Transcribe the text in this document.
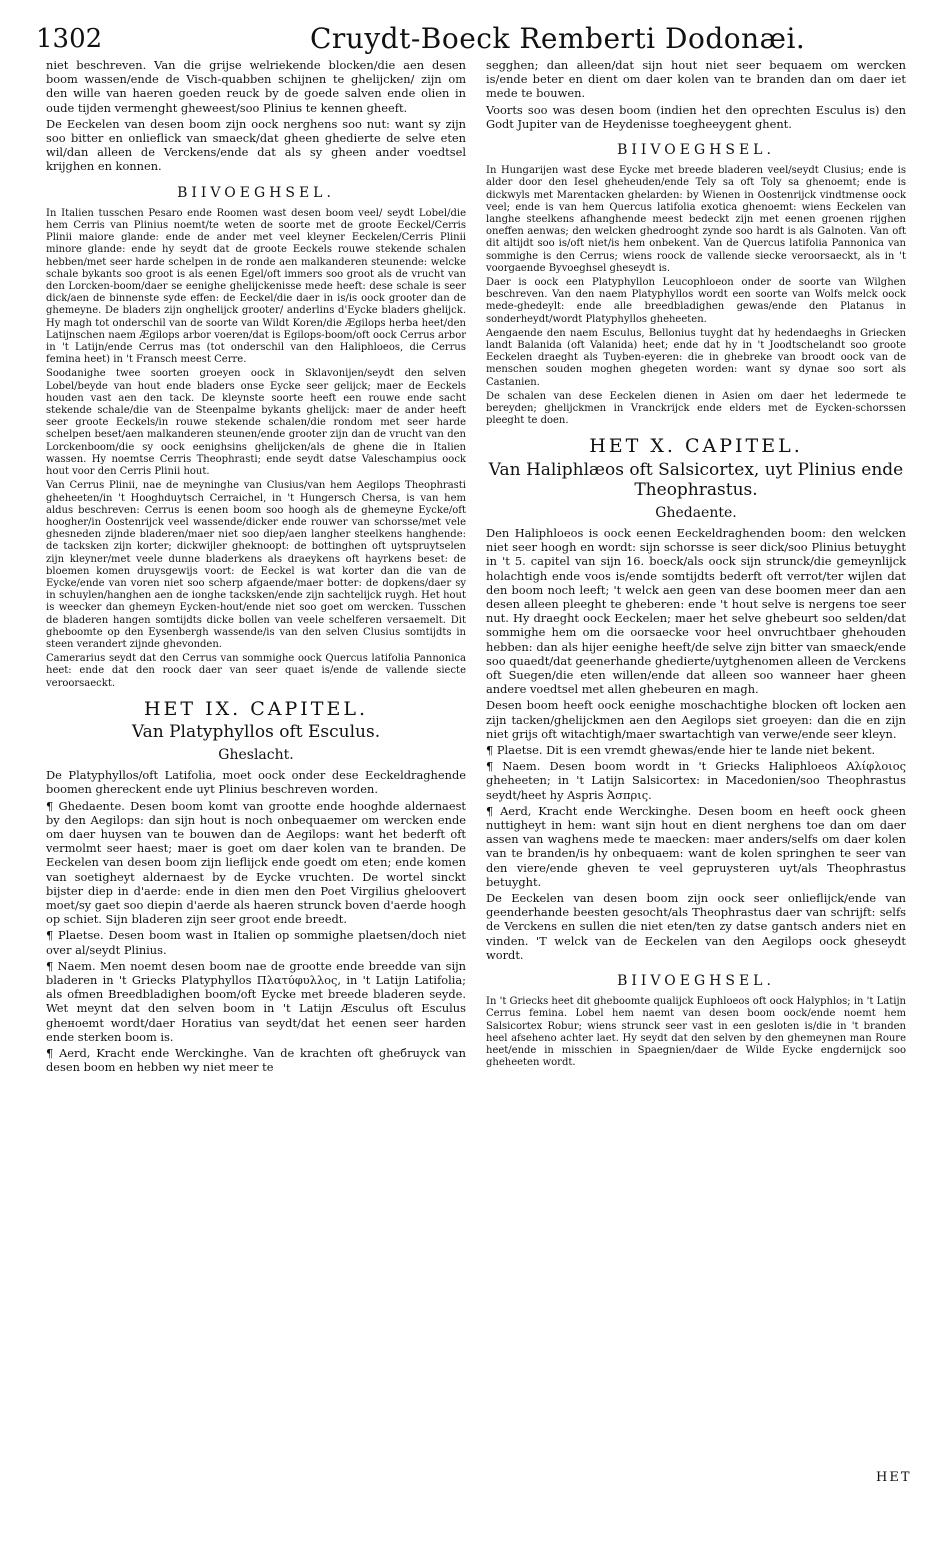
1302	Cruydt-Boeck Remberti Dodonæi.

niet beschreven. Van die grijse welriekende blocken/die aen desen boom wassen/ende de Visch-quabben schijnen te ghelijcken/ zijn om den wille van haeren goeden reuck by de goede salven ende olien in oude tijden vermenght gheweest/soo Plinius te kennen gheeft.

De Eeckelen van desen boom zijn oock nerghens soo nut: want sy zijn soo bitter en onlieflick van smaeck/dat gheen ghedierte de selve eten wil/dan alleen de Verckens/ende dat als sy gheen ander voedtsel krijghen en konnen.

BIIVOEGHSEL.

In Italien tusschen Pesaro ende Roomen wast desen boom veel/ seydt Lobel/die hem Cerris van Plinius noemt/te weten de soorte met de groote Eeckel/Cerris Plinii maiore glande: ende de ander met veel kleyner Eeckelen/Cerris Plinii minore glande: ende hy seydt dat de groote Eeckels rouwe stekende schalen hebben/met seer harde schelpen in de ronde aen malkanderen steunende: welcke schale bykants soo groot is als eenen Egel/oft immers soo groot als de vrucht van den Lorcken-boom/daer se eenighe ghelijckenisse mede heeft: dese schale is seer dick/aen de binnenste syde effen: de Eeckel/die daer in is/is oock grooter dan de ghemeyne. De bladers zijn onghelijck grooter/ anderlins d'Eycke bladers ghelijck. Hy magh tot onderschil van de soorte van Wildt Koren/die Ægilops herba heet/den Latijnschen naem Ægilops arbor voeren/dat is Egilops-boom/oft oock Cerrus arbor in 't Latijn/ende Cerrus mas (tot onderschil van den Haliphloeos, die Cerrus femina heet) in 't Fransch meest Cerre.

Soodanighe twee soorten groeyen oock in Sklavonijen/seydt den selven Lobel/beyde van hout ende bladers onse Eycke seer gelijck; maer de Eeckels houden vast aen den tack. De kleynste soorte heeft een rouwe ende sacht stekende schale/die van de Steenpalme bykants ghelijck: maer de ander heeft seer groote Eeckels/in rouwe stekende schalen/die rondom met seer harde schelpen beset/aen malkanderen steunen/ende grooter zijn dan de vrucht van den Lorckenboom/die sy oock eenighsins ghelijcken/als de ghene die in Italien wassen. Hy noemtse Cerris Theophrasti; ende seydt datse Valeschampius oock hout voor den Cerris Plinii hout.

Van Cerrus Plinii, nae de meyninghe van Clusius/van hem Aegilops Theophrasti gheheeten/in 't Hooghduytsch Cerraichel, in 't Hungersch Chersa, is van hem aldus beschreven: Cerrus is eenen boom soo hoogh als de ghemeyne Eycke/oft hoogher/in Oostenrijck veel wassende/dicker ende rouwer van schorsse/met vele ghesneden zijnde bladeren/maer niet soo diep/aen langher steelkens hanghende: de tacksken zijn korter; dickwijler gheknoopt: de bottinghen oft uytspruytselen zijn kleyner/met veele dunne bladerkens als draeykens oft hayrkens beset: de bloemen komen druysgewijs voort: de Eeckel is wat korter dan die van de Eycke/ende van voren niet soo scherp afgaende/maer botter: de dopkens/daer sy in schuylen/hanghen aen de ionghe tacksken/ende zijn sachtelijck ruygh. Het hout is weecker dan ghemeyn Eycken-hout/ende niet soo goet om wercken. Tusschen de bladeren hangen somtijdts dicke bollen van veele schelferen versaemelt. Dit gheboomte op den Eysenbergh wassende/is van den selven Clusius somtijdts in steen verandert zijnde ghevonden.

Camerarius seydt dat den Cerrus van sommighe oock Quercus latifolia Pannonica heet: ende dat den roock daer van seer quaet is/ende de vallende siecte veroorsaeckt.

HET IX. CAPITEL.
Van Platyphyllos oft Esculus.
Gheslacht.

De Platyphyllos/oft Latifolia, moet oock onder dese Eeckeldraghende boomen ghereckent ende uyt Plinius beschreven worden.

¶ Ghedaente. Desen boom komt van grootte ende hooghde aldernaest by den Aegilops: dan sijn hout is noch onbequaemer om wercken ende om daer huysen van te bouwen dan de Aegilops: want het bederft oft vermolmt seer haest; maer is goet om daer kolen van te branden. De Eeckelen van desen boom zijn lieflijck ende goedt om eten; ende komen van soetigheyt aldernaest by de Eycke vruchten. De wortel sinckt bijster diep in d'aerde: ende in dien men den Poet Virgilius gheloovert moet/sy gaet soo diepin d'aerde als haeren strunck boven d'aerde hoogh op schiet. Sijn bladeren zijn seer groot ende breedt.

¶ Plaetse. Desen boom wast in Italien op sommighe plaetsen/doch niet over al/seydt Plinius.

¶ Naem. Men noemt desen boom nae de grootte ende breedde van sijn bladeren in 't Griecks Platyphyllos Πλατύφυλλος, in 't Latijn Latifolia; als ofmen Breedbladighen boom/oft Eycke met breede bladeren seyde. Wet meynt dat den selven boom in 't Latijn Æsculus oft Esculus gheноеmt wordt/daer Horatius van seydt/dat het eenen seer harden ende sterken boom is.

¶ Aerd, Kracht ende Werckinghe. Van de krachten oft gheбruyck van desen boom en hebben wy niet meer te

segghen; dan alleen/dat sijn hout niet seer bequaem om wercken is/ende beter en dient om daer kolen van te branden dan om daer iet mede te bouwen.

Voorts soo was desen boom (indien het den oprechten Esculus is) den Godt Jupiter van de Heydenisse toegheeygent ghent.

BIIVOEGHSEL.

In Hungarijen wast dese Eycke met breede bladeren veel/seydt Clusius; ende is alder door den Iesel gheheuden/ende Tely sa oft Toly sa ghenoemt; ende is dickwyls met Marentacken ghelarden: by Wienen in Oostenrijck vindtmense oock veel; ende is van hem Quercus latifolia exotica ghenoemt: wiens Eeckelen van langhe steelkens afhanghende meest bedeckt zijn met eenen groenen rijghen oneffen aenwas; den welcken ghedrooght zynde soo hardt is als Galnoten. Van oft dit altijdt soo is/oft niet/is hem onbekent. Van de Quercus latifolia Pannonica van sommighe is den Cerrus; wiens roock de vallende siecke veroorsaeckt, als in 't voorgaende Byvoeghsel gheseydt is.

Daer is oock een Platyphyllon Leucophloeon onder de soorte van Wilghen beschreven. Van den naem Platyphyllos wordt een soorte van Wolfs melck oock mede-ghedeylt: ende alle breedbladighen gewas/ende den Platanus in sonderheydt/wordt Platyphyllos gheheeten.

Aengaende den naem Esculus, Bellonius tuyght dat hy hedendaeghs in Griecken landt Balanida (oft Valanida) heet; ende dat hy in 't Joodtschelandt soo groote Eeckelen draeght als Tuyben-eyeren: die in ghebreke van broodt oock van de menschen souden moghen ghegeten worden: want sy dynae soo sort als Castanien.

De schalen van dese Eeckelen dienen in Asien om daer het ledermede te bereyden; ghelijckmen in Vranckrijck ende elders met de Eycken-schorssen pleeght te doen.

HET X. CAPITEL.
Van Haliphlæos oft Salsicortex, uyt Plinius ende Theophrastus.
Ghedaente.

Den Haliphloeos is oock eenen Eeckeldraghenden boom: den welcken niet seer hoogh en wordt: sijn schorsse is seer dick/soo Plinius betuyght in 't 5. capitel van sijn 16. boeck/als oock sijn strunck/die gemeynlijck holachtigh ende voos is/ende somtijdts bederft oft verrot/ter wijlen dat den boom noch leeft; 't welck aen geen van dese boomen meer dan aen desen alleen pleeght te gheberen: ende 't hout selve is nergens toe seer nut. Hy draeght oock Eeckelen; maer het selve ghebeurt soo selden/dat sommighe hem om die oorsaecke voor heel onvruchtbaer ghehouden hebben: dan als hijer eenighe heeft/de selve zijn bitter van smaeck/ende soo quaedt/dat geenerhande ghedierte/uytghenomen alleen de Verckens oft Suegen/die eten willen/ende dat alleen soo wanneer haer gheen andere voedtsel met allen ghebeuren en magh.

Desen boom heeft oock eenighe moschachtighe blocken oft locken aen zijn tacken/ghelijckmen aen den Aegilops siet groeyen: dan die en zijn niet grijs oft witachtigh/maer swartachtigh van verwe/ende seer kleyn.

¶ Plaetse. Dit is een vremdt ghewas/ende hier te lande niet bekent.

¶ Naem. Desen boom wordt in 't Griecks Haliphloeos Αλίφλοιος gheheeten; in 't Latijn Salsicortex: in Macedonien/soo Theophrastus seydt/heet hy Aspris Ἀσπρις.

¶ Aerd, Kracht ende Werckinghe. Desen boom en heeft oock gheen nuttigheyt in hem: want sijn hout en dient nerghens toe dan om daer assen van waghens mede te maecken: maer anders/selfs om daer kolen van te branden/is hy onbequaem: want de kolen springhen te seer van den viere/ende gheven te veel gepruysteren uyt/als Theophrastus betuyght.

De Eeckelen van desen boom zijn oock seer onlieflijck/ende van geenderhande beesten gesocht/als Theophrastus daer van schrijft: selfs de Verckens en sullen die niet eten/ten zy datse gantsch anders niet en vinden. 'T welck van de Eeckelen van den Aegilops oock gheseydt wordt.

BIIVOEGHSEL.

In 't Griecks heet dit gheboomte qualijck Euphloeos oft oock Halyphlos; in 't Latijn Cerrus femina. Lobel hem naemt van desen boom oock/ende noemt hem Salsicortex Robur; wiens strunck seer vast in een gesloten is/die in 't branden heel afseheno achter laet. Hy seydt dat den selven by den ghemeynen man Roure heet/ende in misschien in Spaegnien/daer de Wilde Eycke engdernijck soo gheheeten wordt.

HET
